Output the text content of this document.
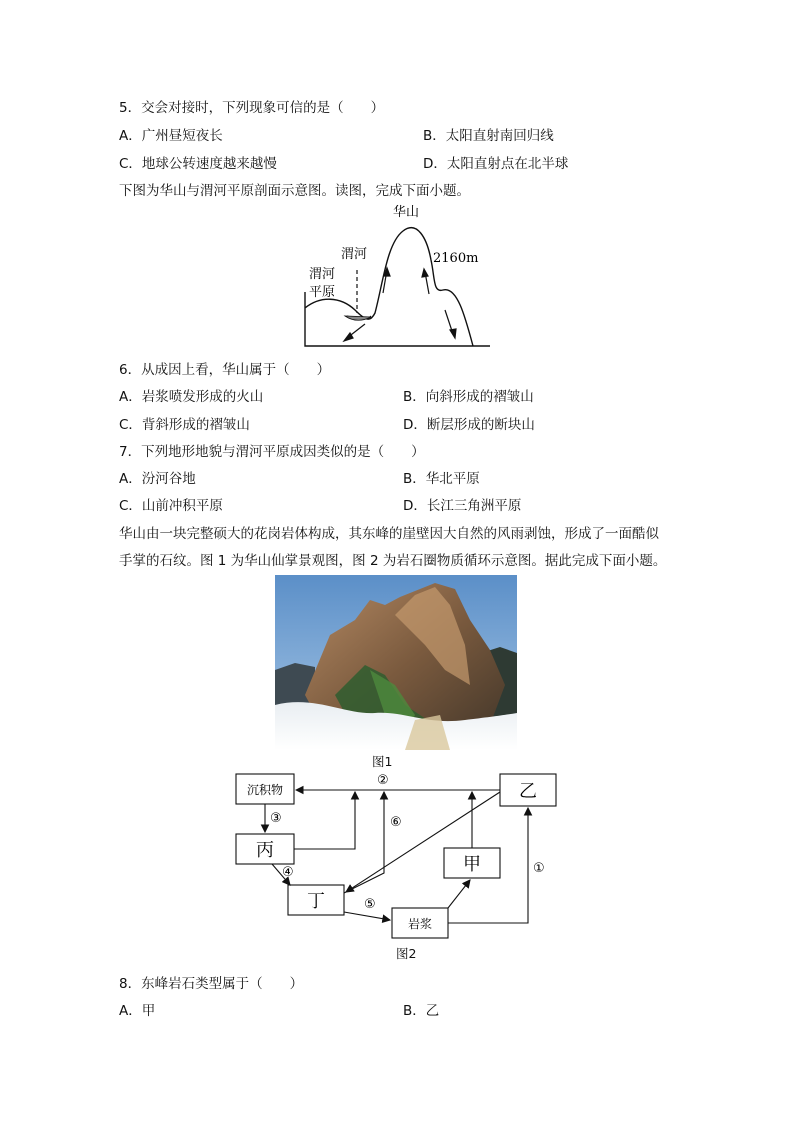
5．交会对接时，下列现象可信的是（　　）
A．广州昼短夜长	B．太阳直射南回归线
C．地球公转速度越来越慢	D．太阳直射点在北半球
下图为华山与渭河平原剖面示意图。读图，完成下面小题。
华山
渭河
渭河
平原
2160m
6．从成因上看，华山属于（　　）
A．岩浆喷发形成的火山	B．向斜形成的褶皱山
C．背斜形成的褶皱山	D．断层形成的断块山
7．下列地形地貌与渭河平原成因类似的是（　　）
A．汾河谷地	B．华北平原
C．山前冲积平原	D．长江三角洲平原
华山由一块完整硕大的花岗岩体构成，其东峰的崖壁因大自然的风雨剥蚀，形成了一面酷似
手掌的石纹。图 1 为华山仙掌景观图，图 2 为岩石圈物质循环示意图。据此完成下面小题。
图1
沉积物	乙
丙
甲
丁
岩浆
①
②
③
④
⑤
⑥
图2
8．东峰岩石类型属于（　　）
A．甲	B．乙
